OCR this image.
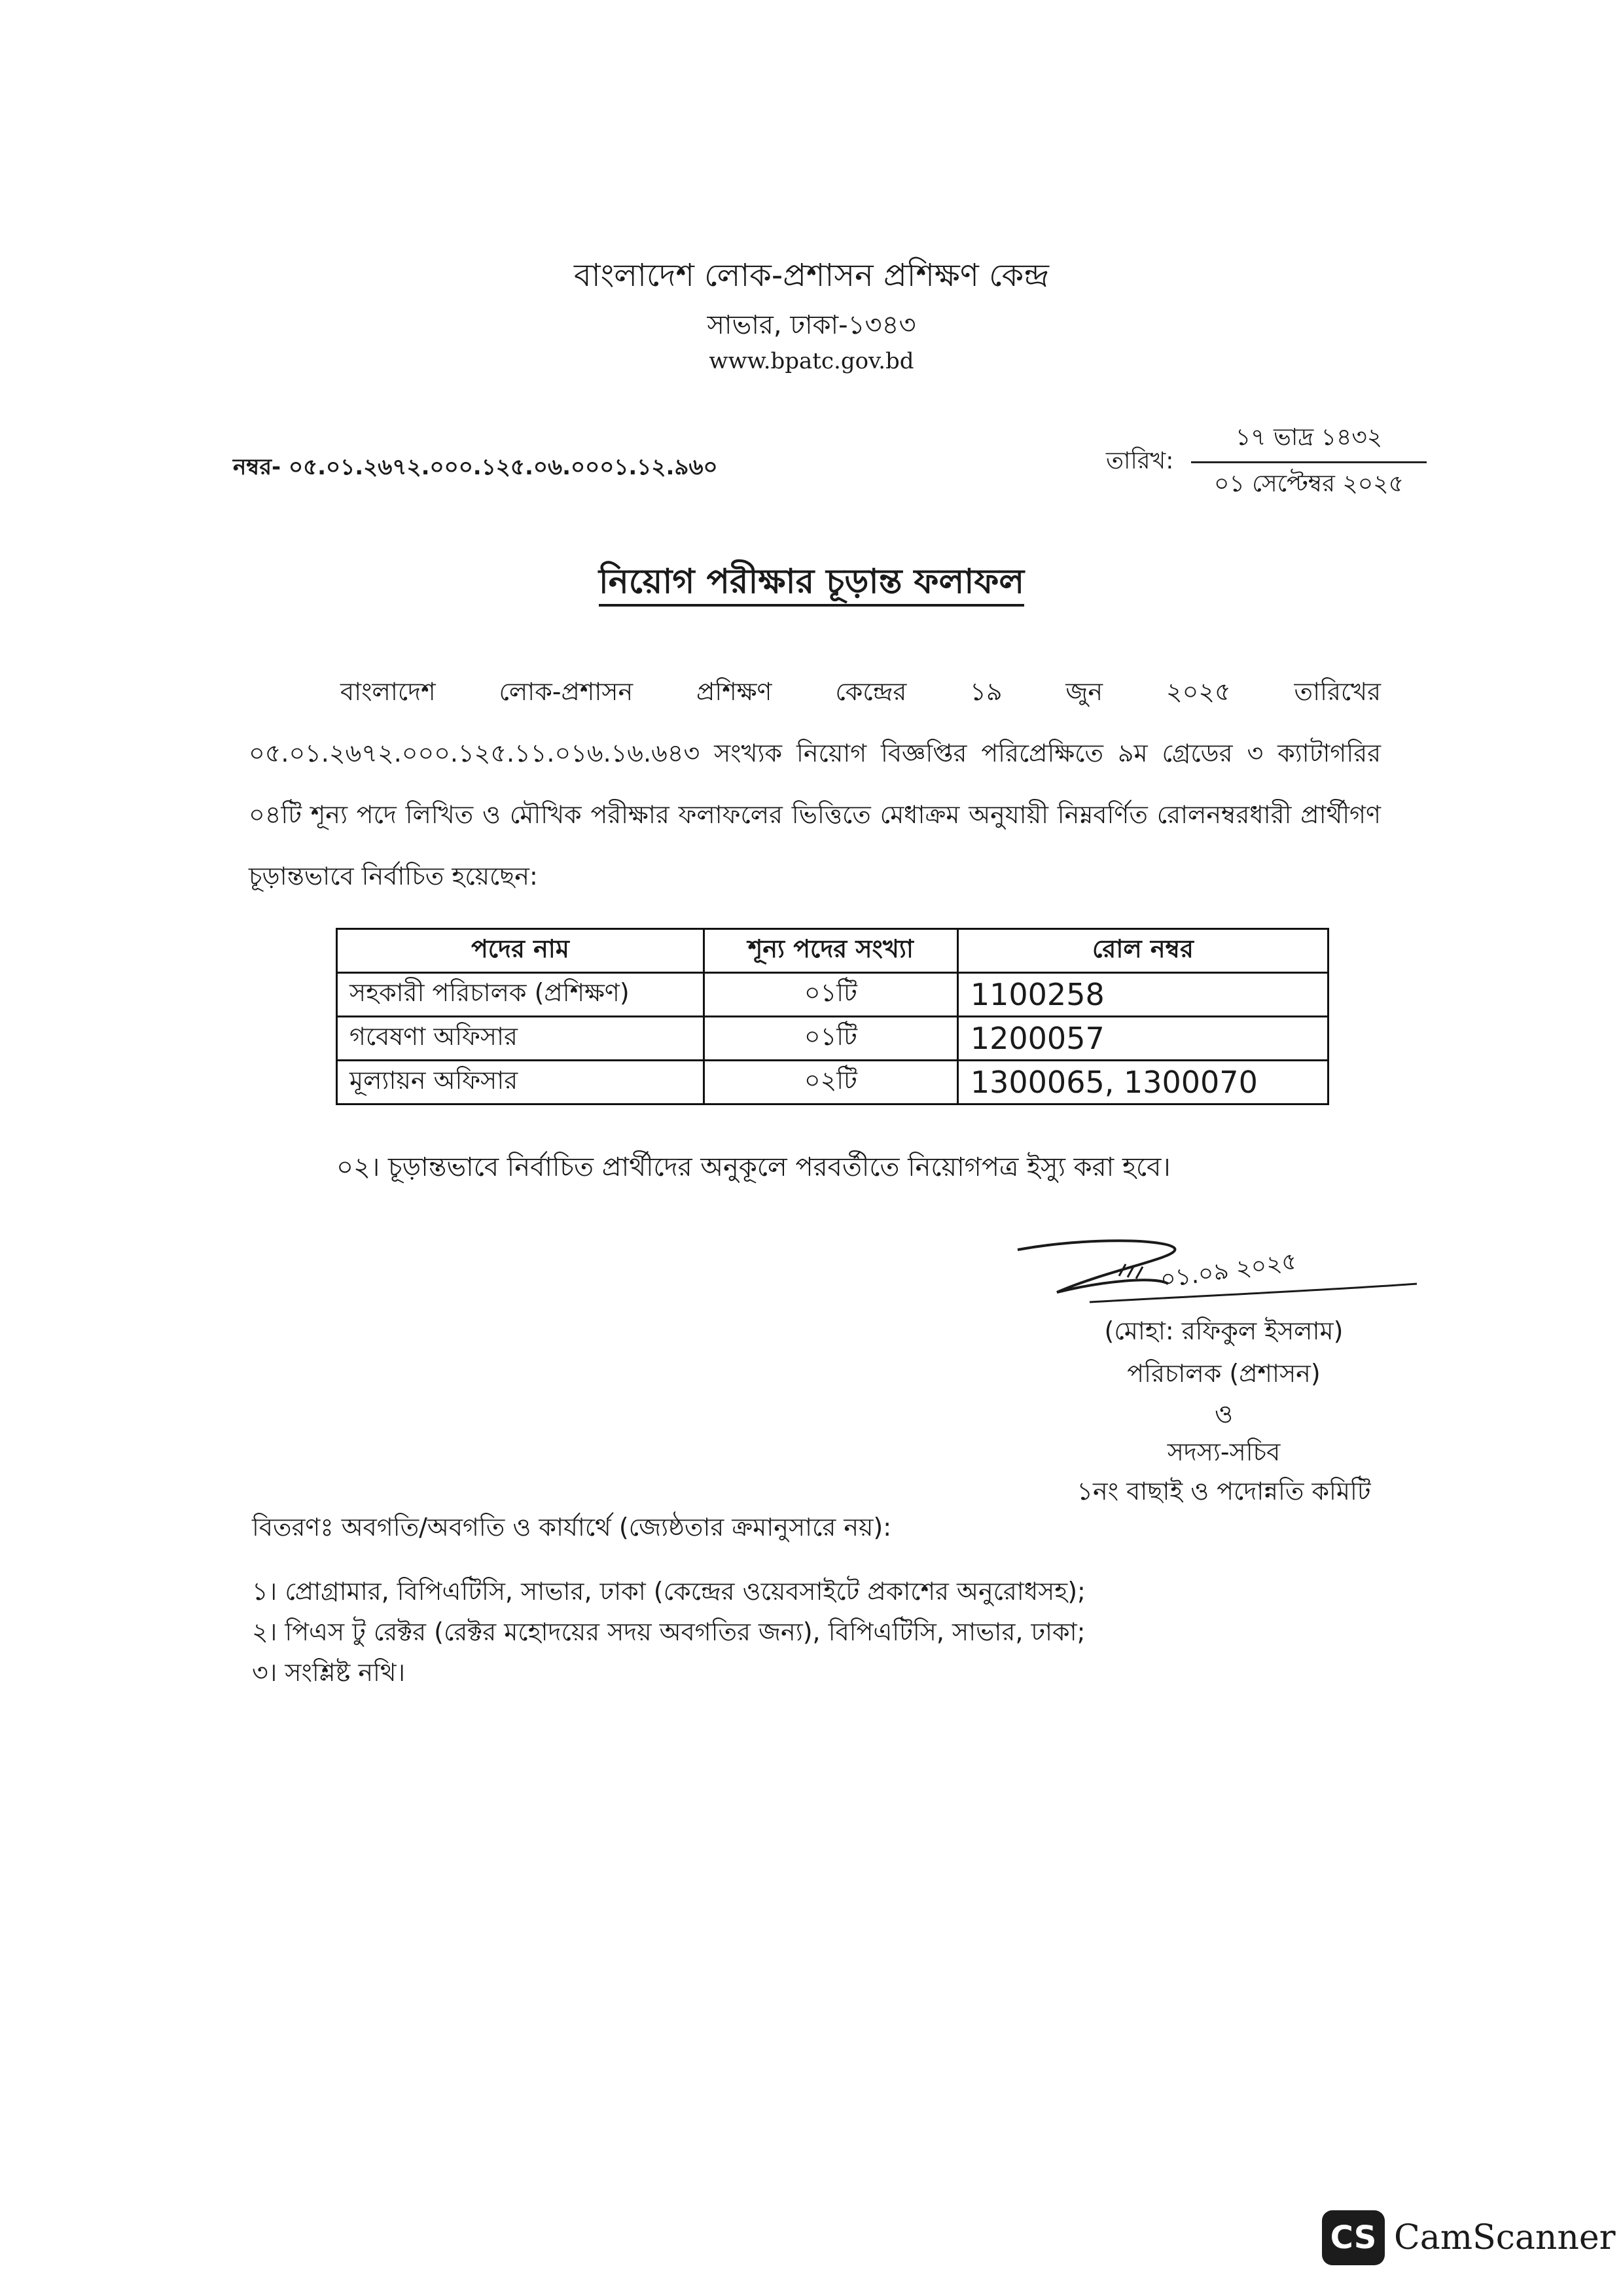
বাংলাদেশ লোক-প্রশাসন প্রশিক্ষণ কেন্দ্র
সাভার, ঢাকা-১৩৪৩
www.bpatc.gov.bd
নম্বর- ০৫.০১.২৬৭২.০০০.১২৫.০৬.০০০১.১২.৯৬০	তারিখ:
১৭ ভাদ্র ১৪৩২
০১ সেপ্টেম্বর ২০২৫
নিয়োগ পরীক্ষার চূড়ান্ত ফলাফল
বাংলাদেশ লোক-প্রশাসন প্রশিক্ষণ কেন্দ্রের ১৯ জুন ২০২৫ তারিখের ০৫.০১.২৬৭২.০০০.১২৫.১১.০১৬.১৬.৬৪৩ সংখ্যক নিয়োগ বিজ্ঞপ্তির পরিপ্রেক্ষিতে ৯ম গ্রেডের ৩ ক্যাটাগরির ০৪টি শূন্য পদে লিখিত ও মৌখিক পরীক্ষার ফলাফলের ভিত্তিতে মেধাক্রম অনুযায়ী নিম্নবর্ণিত রোলনম্বরধারী প্রার্থীগণ চূড়ান্তভাবে নির্বাচিত হয়েছেন:
পদের নাম	শূন্য পদের সংখ্যা	রোল নম্বর
সহকারী পরিচালক (প্রশিক্ষণ)	০১টি	1100258
গবেষণা অফিসার	০১টি	1200057
মূল্যায়ন অফিসার	০২টি	1300065, 1300070
০২। চূড়ান্তভাবে নির্বাচিত প্রার্থীদের অনুকূলে পরবর্তীতে নিয়োগপত্র ইস্যু করা হবে।
০১.০৯ ২০২৫
(মোহা: রফিকুল ইসলাম)
পরিচালক (প্রশাসন)
ও
সদস্য-সচিব
১নং বাছাই ও পদোন্নতি কমিটি
বিতরণঃ অবগতি/অবগতি ও কার্যার্থে (জ্যেষ্ঠতার ক্রমানুসারে নয়):
১। প্রোগ্রামার, বিপিএটিসি, সাভার, ঢাকা (কেন্দ্রের ওয়েবসাইটে প্রকাশের অনুরোধসহ);
২। পিএস টু রেক্টর (রেক্টর মহোদয়ের সদয় অবগতির জন্য), বিপিএটিসি, সাভার, ঢাকা;
৩। সংশ্লিষ্ট নথি।
CS CamScanner
